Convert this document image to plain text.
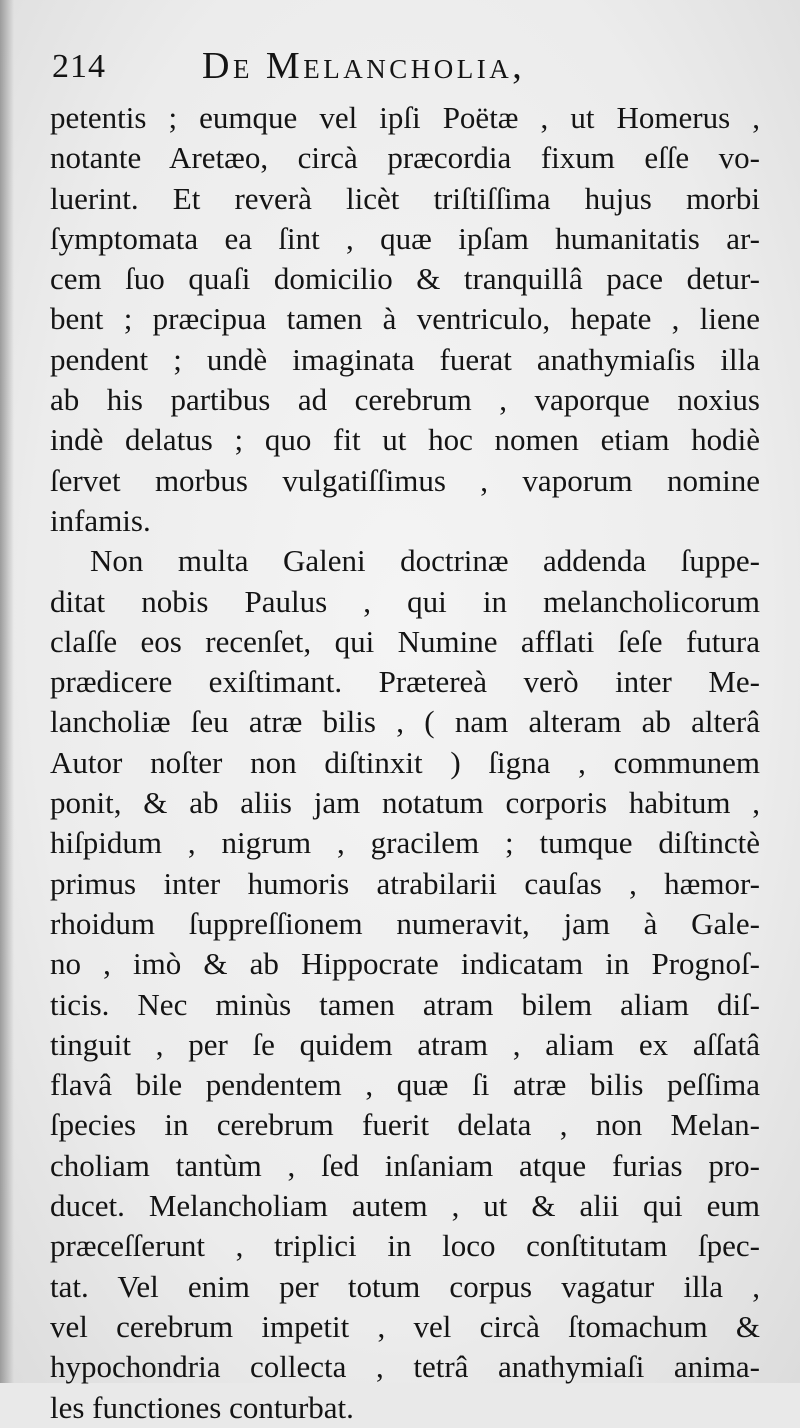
214	De Melancholia,
petentis ; eumque vel ipſi Poëtæ , ut Homerus ,
notante Aretæo, circà præcordia fixum eſſe vo-
luerint. Et reverà licèt triſtiſſima hujus morbi
ſymptomata ea ſint , quæ ipſam humanitatis ar-
cem ſuo quaſi domicilio & tranquillâ pace detur-
bent ; præcipua tamen à ventriculo, hepate , liene
pendent ; undè imaginata fuerat anathymiaſis illa
ab his partibus ad cerebrum , vaporque noxius
indè delatus ; quo fit ut hoc nomen etiam hodiè
ſervet morbus vulgatiſſimus , vaporum nomine
infamis.
Non multa Galeni doctrinæ addenda ſuppe-
ditat nobis Paulus , qui in melancholicorum
claſſe eos recenſet, qui Numine afflati ſeſe futura
prædicere exiſtimant. Prætereà verò inter Me-
lancholiæ ſeu atræ bilis , ( nam alteram ab alterâ
Autor noſter non diſtinxit ) ſigna , communem
ponit, & ab aliis jam notatum corporis habitum ,
hiſpidum , nigrum , gracilem ; tumque diſtinctè
primus inter humoris atrabilarii cauſas , hæmor-
rhoidum ſuppreſſionem numeravit, jam à Gale-
no , imò & ab Hippocrate indicatam in Prognoſ-
ticis. Nec minùs tamen atram bilem aliam diſ-
tinguit , per ſe quidem atram , aliam ex aſſatâ
flavâ bile pendentem , quæ ſi atræ bilis peſſima
ſpecies in cerebrum fuerit delata , non Melan-
choliam tantùm , ſed inſaniam atque furias pro-
ducet. Melancholiam autem , ut & alii qui eum
præceſſerunt , triplici in loco conſtitutam ſpec-
tat. Vel enim per totum corpus vagatur illa ,
vel cerebrum impetit , vel circà ſtomachum &
hypochondria collecta , tetrâ anathymiaſi anima-
les functiones conturbat.
